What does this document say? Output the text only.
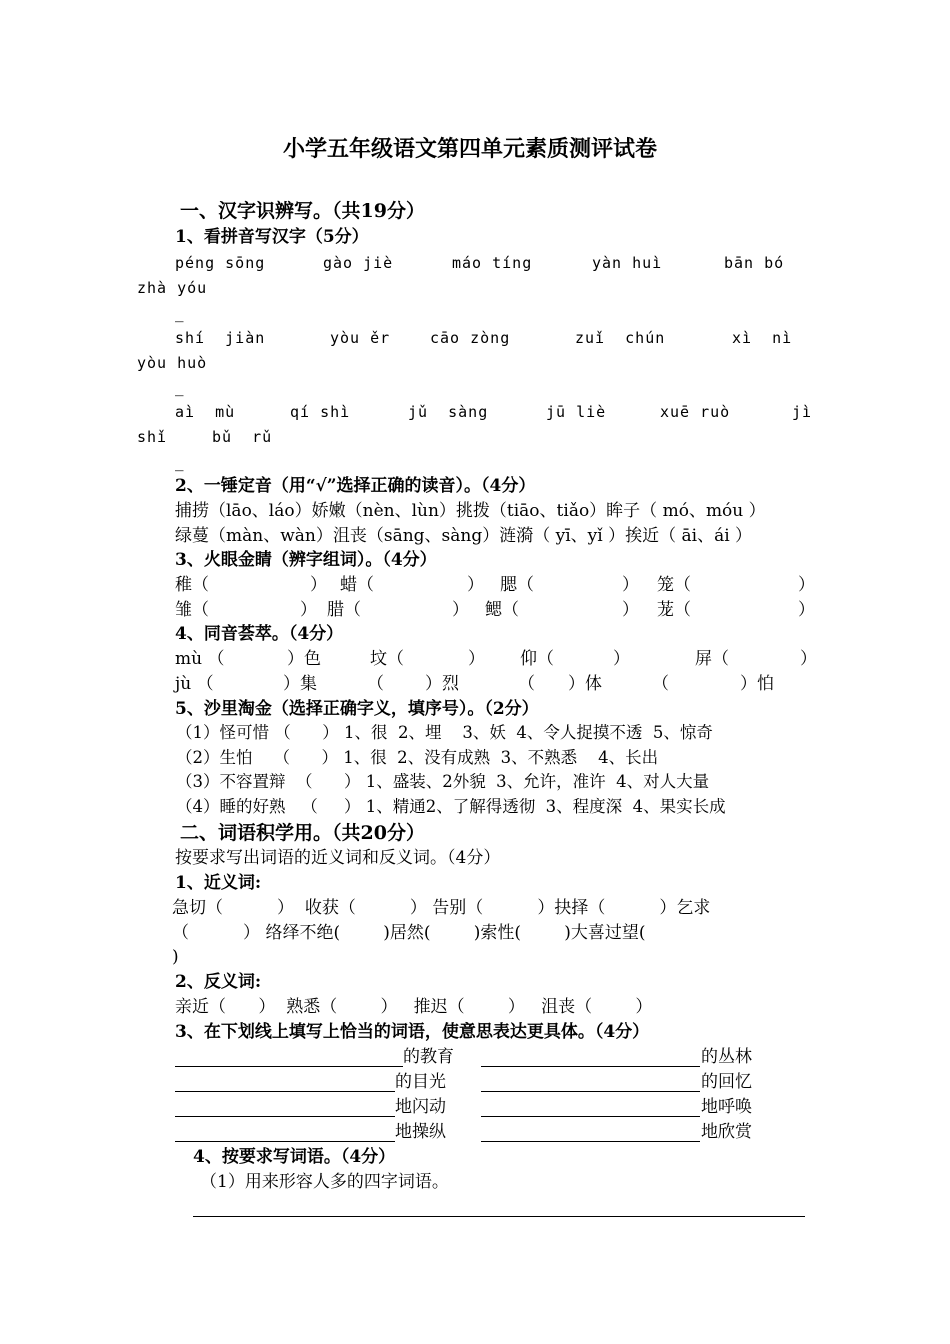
小学五年级语文第四单元素质测评试卷
一、汉字识辨写。（共19分）
1、看拼音写汉字（5分）
péng sōng	gào jiè	máo tíng	yàn huì	bān bó
zhà yóu
_
shí  jiàn	yòu ěr	cāo zòng	zuǐ  chún	xì  nì
yòu huò
_
aì  mù	qí shì	jǔ  sàng	jū liè	xuē ruò	jì
shǐ	bǔ  rǔ
_
2、一锤定音（用“√”选择正确的读音）。（4分）
捕捞（lāo、láo）娇嫩（nèn、lùn）挑拨（tiāo、tiǎo）眸子（ mó、móu ）
绿蔓（màn、wàn）沮丧（sāng、sàng）涟漪（ yī、yǐ ）挨近（ āi、ái ）
3、火眼金睛（辨字组词）。（4分）
稚（	） 蜡（	） 腮（	） 笼（	）
雏（	） 腊（	） 鳃（	） 茏（	）
4、同音荟萃。（4分）
mù （	）色	坟（	） 仰（	）	屏（	）
jù （	）集	（ ）烈	（ ）体	（	）怕
5、沙里淘金（选择正确字义，填序号）。（2分）
（1）怪可惜 （      ） 1、很  2、埋    3、妖  4、令人捉摸不透  5、惊奇
（2）生怕    （      ） 1、很  2、没有成熟  3、不熟悉    4、长出
（3）不容置辩  （      ） 1、盛装、2外貌  3、允许，准许  4、对人大量
（4）睡的好熟   （     ） 1、精通2、了解得透彻  3、程度深  4、果实长成
二、词语积学用。（共20分）
按要求写出词语的近义词和反义词。（4分）
1、近义词:
急切（          ）  收获（          ） 告别（          ）抉择（          ）乞求
（          ） 络绎不绝(        )居然(        )索性(        )大喜过望(
)
2、反义词:
亲近（      ）  熟悉（        ）   推迟（        ）   沮丧（        ）
3、在下划线上填写上恰当的词语，使意思表达更具体。（4分）
的教育	的丛林
的目光	的回忆
地闪动	地呼唤
地操纵	地欣赏
4、按要求写词语。（4分）
（1）用来形容人多的四字词语。
